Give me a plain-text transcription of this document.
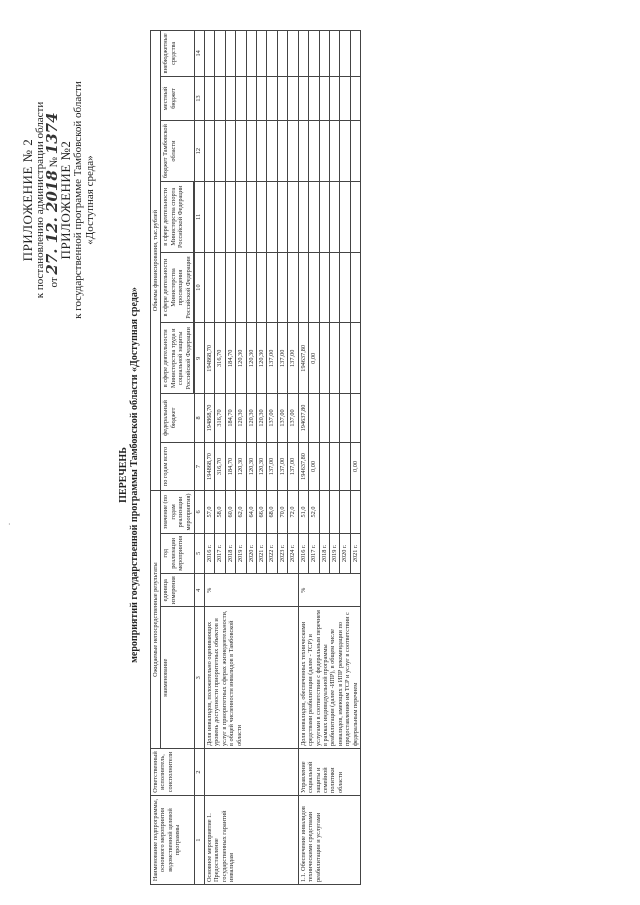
ПРИЛОЖЕНИЕ № 2 к постановлению администрации области от 27. 12. 2018 № 1374
ПРИЛОЖЕНИЕ №2 к государственной программе Тамбовской области «Доступная среда»
ПЕРЕЧЕНЬ мероприятий государственной программы Тамбовской области «Доступная среда»
Наименование подпрограммы, основного мероприятия ведомственной целевой программы	Ответственный исполнитель, соисполнители	Ожидаемые непосредственные результаты				Объемы финансирования, тыс.рублей							
		наименование	единица измерения	год реализации мероприятия	значение (по годам реализации мероприятия)	по годам всего	федеральный бюджет	в сфере деятельности Министерства труда и социальной защиты Российской Федерации	в сфере деятельности Министерства просвещения Российской Федерации	в сфере деятельности Министерства спорта Российской Федерации	бюджет Тамбовской области	местный бюджет	внебюджетные средства

1	2	3	4	5	6	7	8	9	10	11	12	13	14
Основное мероприятие 1. Предоставление государственных гарантий инвалидам		Доля инвалидов, положительно оценивающих уровень доступности приоритетных объектов и услуг в приоритетных сферах жизнедеятельности, в общей численности инвалидов в Тамбовской области	%	2016 г.	57,0	194868,70	194868,70	194868,70					
				2017 г.	58,0	316,70	316,70	316,70					
				2018 г.	60,0	184,70	184,70	184,70					
				2019 г.	62,0	120,30	120,30	120,30					
				2020 г.	64,0	120,30	120,30	120,30					
				2021 г.	66,0	120,30	120,30	120,30					
				2022 г.	68,0	137,00	137,00	137,00					
				2023 г.	70,0	137,00	137,00	137,00					
				2024 г.	72,0	137,00	137,00	137,00					
1.1. Обеспечение инвалидов техническими средствами реабилитации и услугами	Управление социальной защиты и семейной политики области	Доля инвалидов, обеспеченных техническими средствами реабилитации (далее - ТСР) и услугами в соответствии с федеральным перечнем в рамках индивидуальной программы реабилитации (далее -ИПР), в общем числе инвалидов, имеющих в ИПР рекомендации по предоставлению им ТСР и услуг в соответствии с федеральным перечнем	%	2016 г.	51,0	194637,80	194637,80	194637,80					
				2017 г.	52,0	0,00		0,00					
				2018 г.									
				2019 г.									
				2020 г.									
				2021 г.		0,00							
·
